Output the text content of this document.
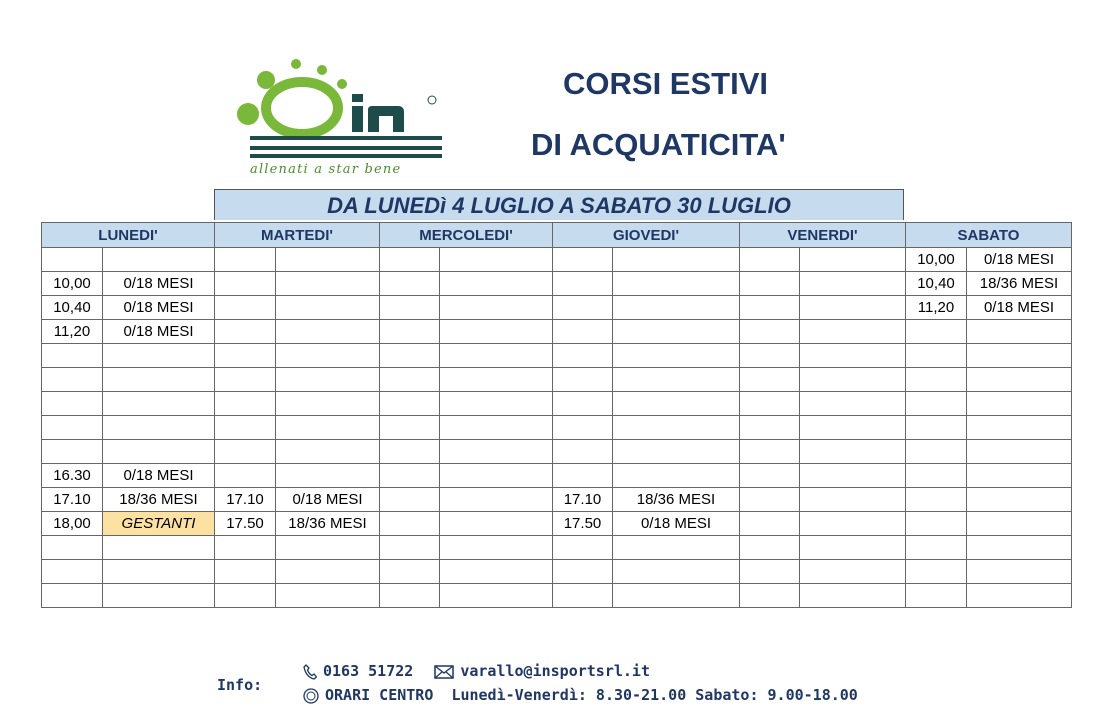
allenati a star bene
CORSI ESTIVI
DI ACQUATICITA'
DA LUNEDì 4 LUGLIO A SABATO 30 LUGLIO
LUNEDI'		MARTEDI'		MERCOLEDI'		GIOVEDI'		VENERDI'		SABATO	
										10,00	0/18 MESI
10,00	0/18 MESI									10,40	18/36 MESI
10,40	0/18 MESI									11,20	0/18 MESI
11,20	0/18 MESI										

16.30	0/18 MESI										
17.10	18/36 MESI	17.10	0/18 MESI			17.10	18/36 MESI				
18,00	GESTANTI	17.50	18/36 MESI			17.50	0/18 MESI				

Info:
0163 51722	varallo@insportsrl.it
ORARI CENTRO Lunedì-Venerdì: 8.30-21.00 Sabato: 9.00-18.00
